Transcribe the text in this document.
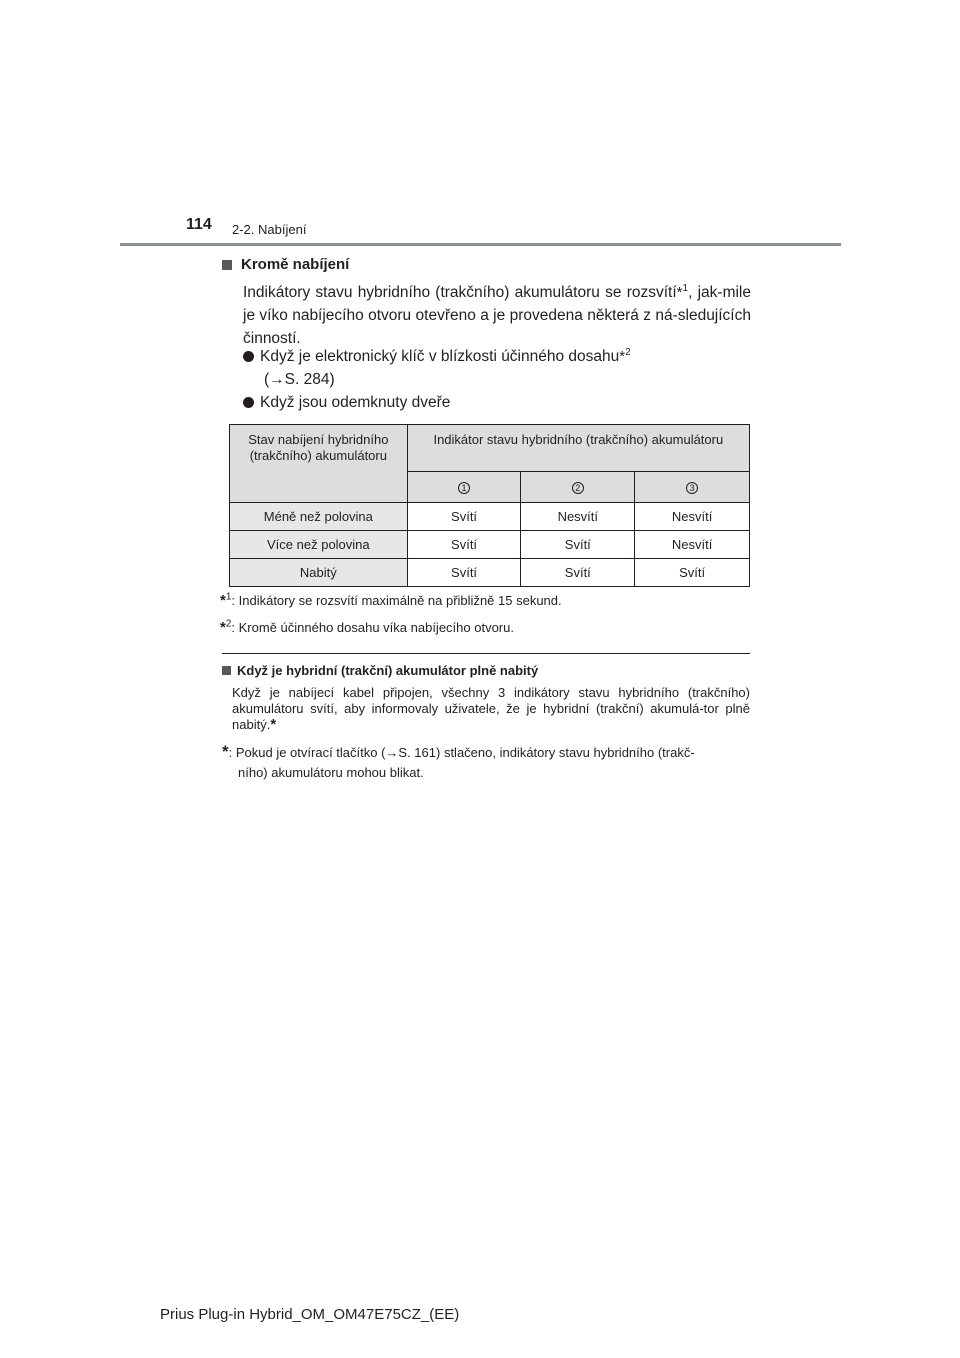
114 2-2. Nabíjení
Kromě nabíjení
Indikátory stavu hybridního (trakčního) akumulátoru se rozsvítí*$^1$, jak-mile je víko nabíjecího otvoru otevřeno a je provedena některá z ná-sledujících činností.
Když je elektronický klíč v blízkosti účinného dosahu*$^2$
(→S. 284)
Když jsou odemknuty dveře
Stav nabíjení hybridního (trakčního) akumulátoru	Indikátor stavu hybridního (trakčního) akumulátoru		
	1	2	3
Méně než polovina	Svítí	Nesvítí	Nesvítí
Více než polovina	Svítí	Svítí	Nesvítí
Nabitý	Svítí	Svítí	Svítí
*$^1$: Indikátory se rozsvítí maximálně na přibližně 15 sekund.
*$^2$: Kromě účinného dosahu víka nabíjecího otvoru.
Když je hybridní (trakční) akumulátor plně nabitý
Když je nabíjecí kabel připojen, všechny 3 indikátory stavu hybridního (trakčního) akumulátoru svítí, aby informovaly uživatele, že je hybridní (trakční) akumulá-tor plně nabitý.*
*: Pokud je otvírací tlačítko (→S. 161) stlačeno, indikátory stavu hybridního (trakč-
ního) akumulátoru mohou blikat.
Prius Plug-in Hybrid_OM_OM47E75CZ_(EE)
